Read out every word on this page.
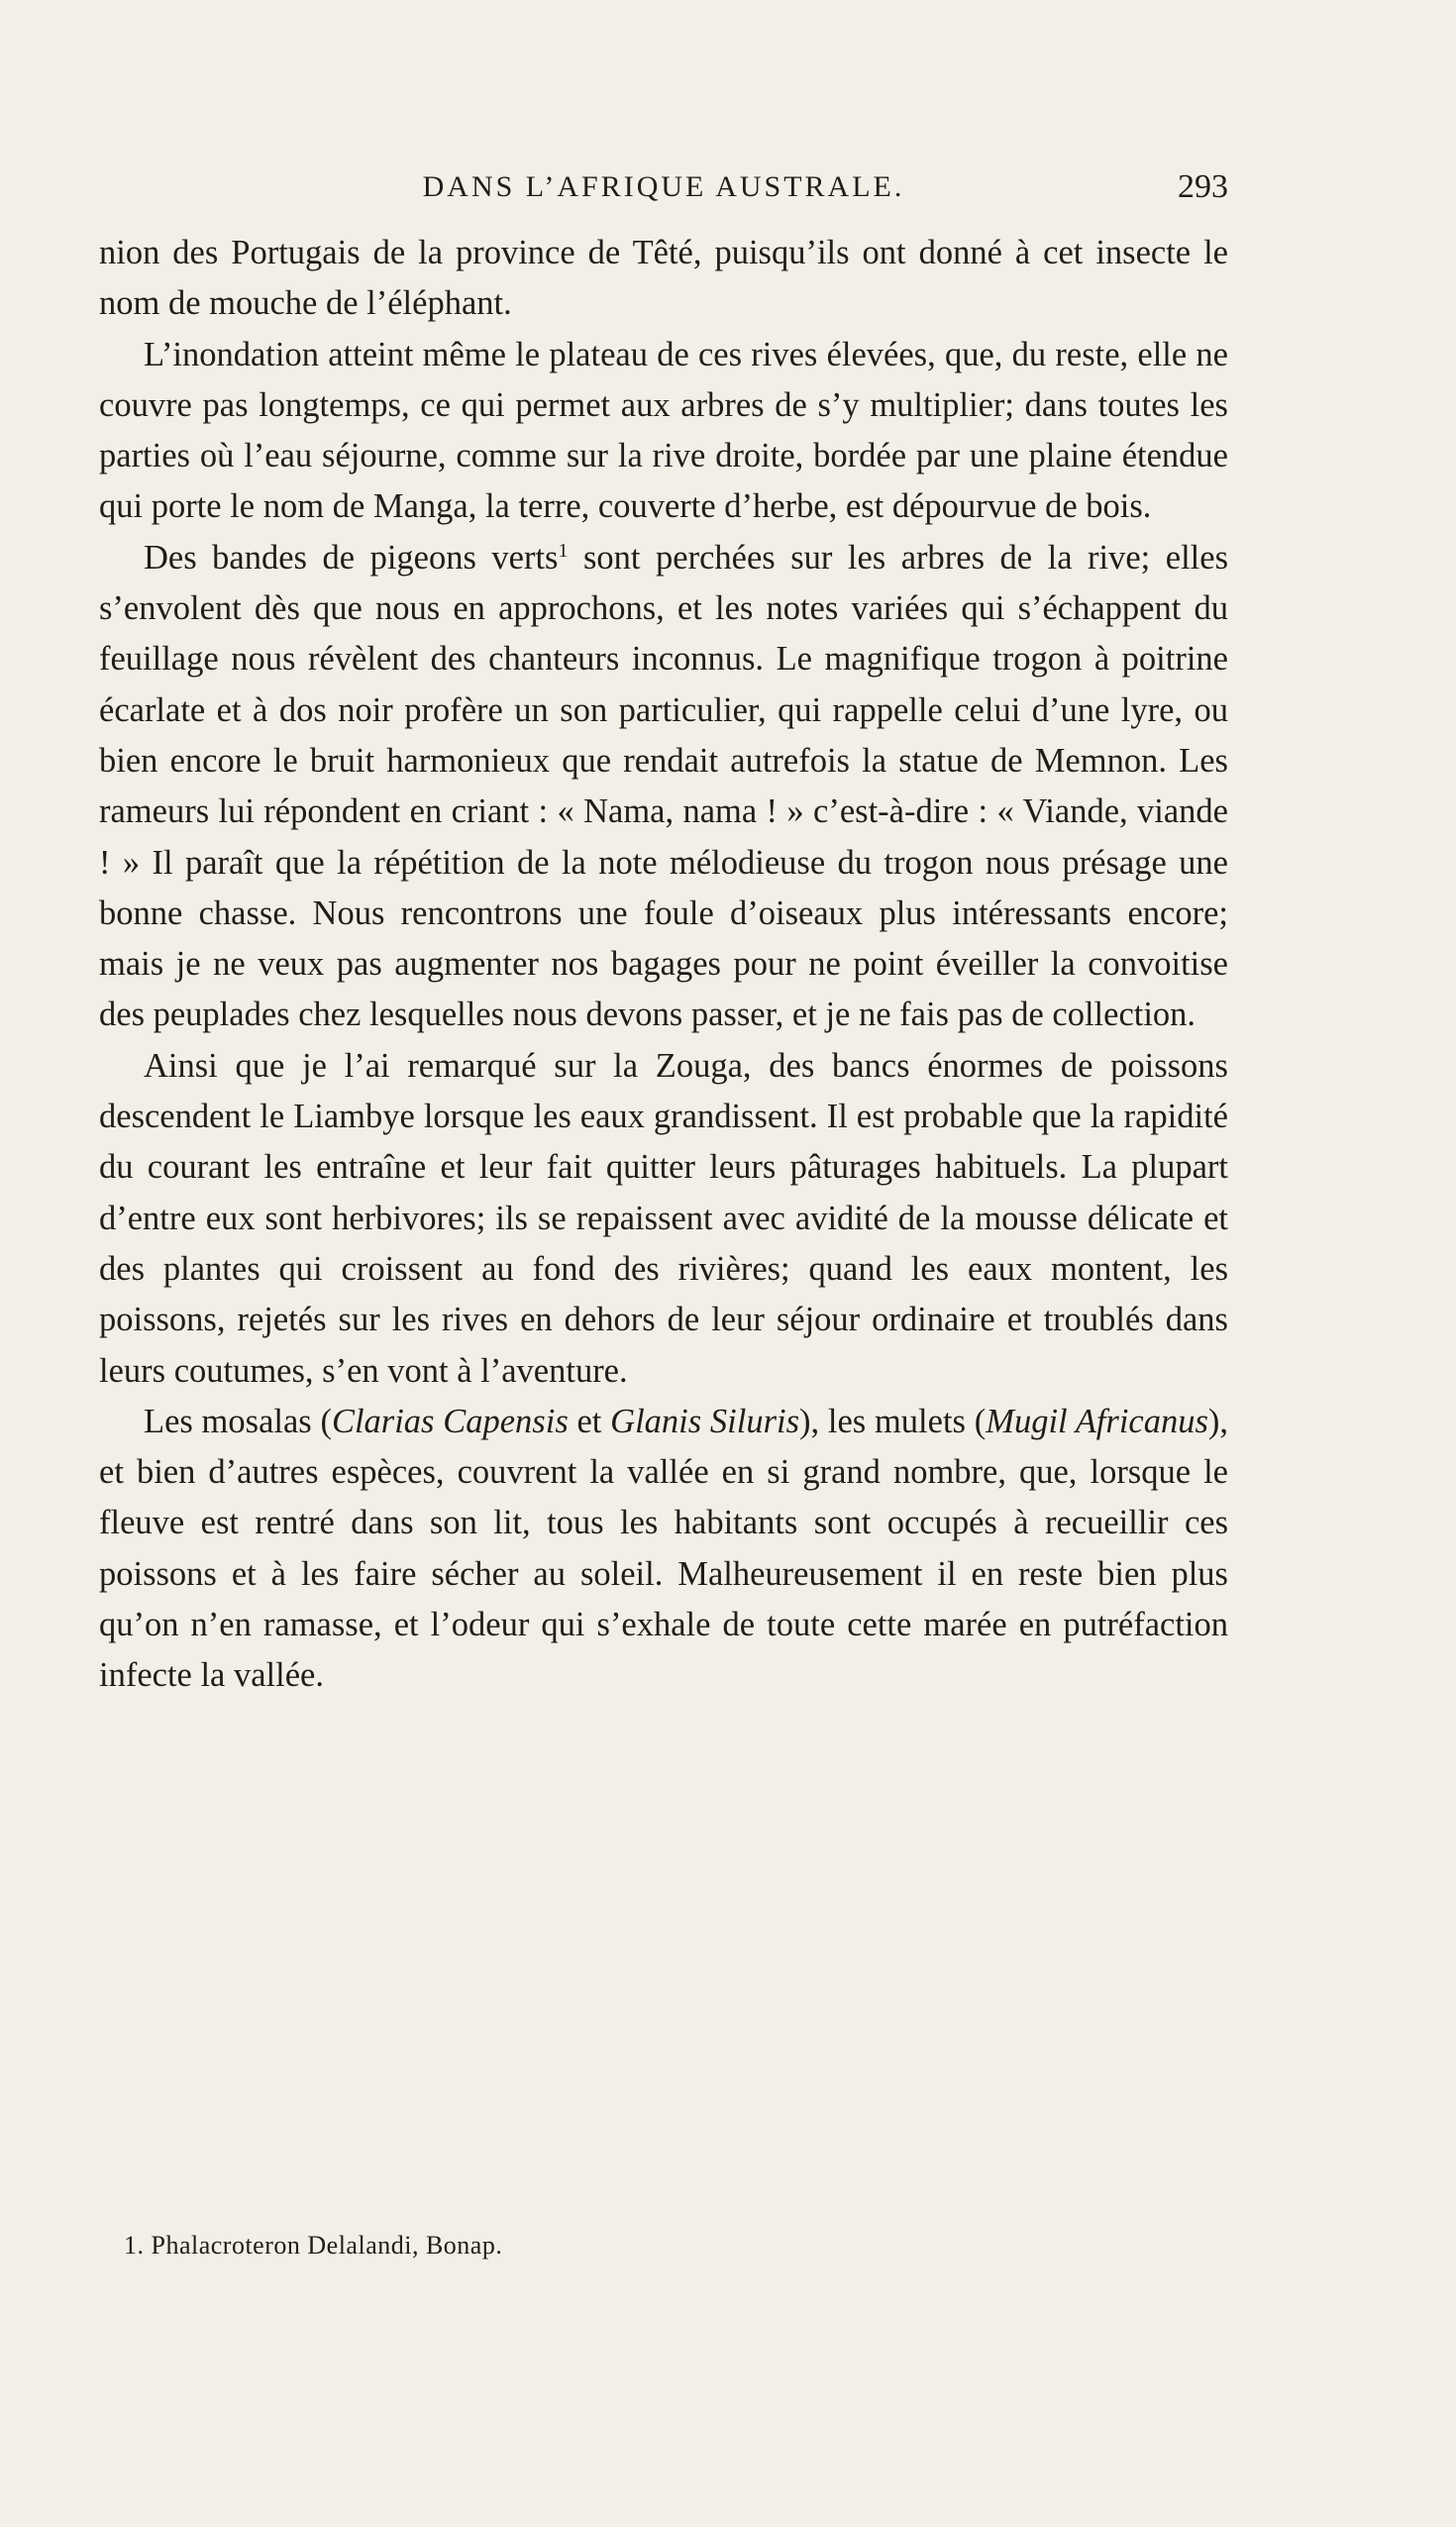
DANS L’AFRIQUE AUSTRALE.	293

nion des Portugais de la province de Têté, puisqu’ils ont donné à cet insecte le nom de mouche de l’éléphant.

L’inondation atteint même le plateau de ces rives élevées, que, du reste, elle ne couvre pas longtemps, ce qui permet aux arbres de s’y multiplier; dans toutes les parties où l’eau séjourne, comme sur la rive droite, bordée par une plaine étendue qui porte le nom de Manga, la terre, couverte d’herbe, est dépourvue de bois.

Des bandes de pigeons verts$^1$ sont perchées sur les arbres de la rive; elles s’envolent dès que nous en approchons, et les notes variées qui s’échappent du feuillage nous révèlent des chanteurs inconnus. Le magnifique trogon à poitrine écarlate et à dos noir profère un son particulier, qui rappelle celui d’une lyre, ou bien encore le bruit harmonieux que rendait autrefois la statue de Memnon. Les rameurs lui répondent en criant : « Nama, nama ! » c’est-à-dire : « Viande, viande ! » Il paraît que la répétition de la note mélodieuse du trogon nous présage une bonne chasse. Nous rencontrons une foule d’oiseaux plus intéressants encore; mais je ne veux pas augmenter nos bagages pour ne point éveiller la convoitise des peuplades chez lesquelles nous devons passer, et je ne fais pas de collection.

Ainsi que je l’ai remarqué sur la Zouga, des bancs énormes de poissons descendent le Liambye lorsque les eaux grandissent. Il est probable que la rapidité du courant les entraîne et leur fait quitter leurs pâturages habituels. La plupart d’entre eux sont herbivores; ils se repaissent avec avidité de la mousse délicate et des plantes qui croissent au fond des rivières; quand les eaux montent, les poissons, rejetés sur les rives en dehors de leur séjour ordinaire et troublés dans leurs coutumes, s’en vont à l’aventure.

Les mosalas (Clarias Capensis et Glanis Siluris), les mulets (Mugil Africanus), et bien d’autres espèces, couvrent la vallée en si grand nombre, que, lorsque le fleuve est rentré dans son lit, tous les habitants sont occupés à recueillir ces poissons et à les faire sécher au soleil. Malheureusement il en reste bien plus qu’on n’en ramasse, et l’odeur qui s’exhale de toute cette marée en putréfaction infecte la vallée.

1. Phalacroteron Delalandi, Bonap.
